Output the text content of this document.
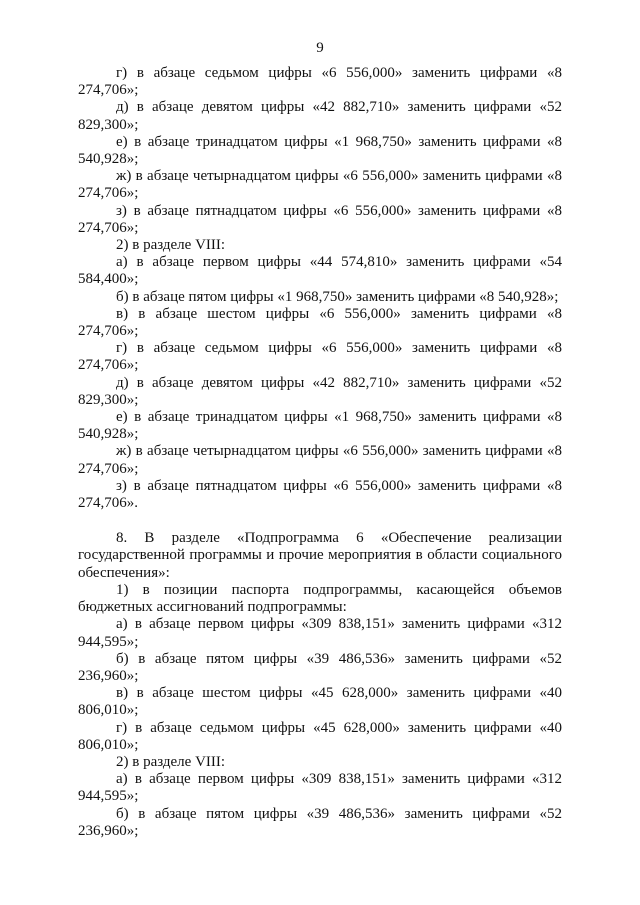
9
г) в абзаце седьмом цифры «6 556,000» заменить цифрами «8 274,706»;
д) в абзаце девятом цифры «42 882,710» заменить цифрами «52 829,300»;
е) в абзаце тринадцатом цифры «1 968,750» заменить цифрами «8 540,928»;
ж) в абзаце четырнадцатом цифры «6 556,000» заменить цифрами «8 274,706»;
з) в абзаце пятнадцатом цифры «6 556,000» заменить цифрами «8 274,706»;
2) в разделе VIII:
а) в абзаце первом цифры «44 574,810» заменить цифрами «54 584,400»;
б) в абзаце пятом цифры «1 968,750» заменить цифрами «8 540,928»;
в) в абзаце шестом цифры «6 556,000» заменить цифрами «8 274,706»;
г) в абзаце седьмом цифры «6 556,000» заменить цифрами «8 274,706»;
д) в абзаце девятом цифры «42 882,710» заменить цифрами «52 829,300»;
е) в абзаце тринадцатом цифры «1 968,750» заменить цифрами «8 540,928»;
ж) в абзаце четырнадцатом цифры «6 556,000» заменить цифрами «8 274,706»;
з) в абзаце пятнадцатом цифры «6 556,000» заменить цифрами «8 274,706».
8. В разделе «Подпрограмма 6 «Обеспечение реализации государственной программы и прочие мероприятия в области социального обеспечения»:
1) в позиции паспорта подпрограммы, касающейся объемов бюджетных ассигнований подпрограммы:
а) в абзаце первом цифры «309 838,151» заменить цифрами «312 944,595»;
б) в абзаце пятом цифры «39 486,536» заменить цифрами «52 236,960»;
в) в абзаце шестом цифры «45 628,000» заменить цифрами «40 806,010»;
г) в абзаце седьмом цифры «45 628,000» заменить цифрами «40 806,010»;
2) в разделе VIII:
а) в абзаце первом цифры «309 838,151» заменить цифрами «312 944,595»;
б) в абзаце пятом цифры «39 486,536» заменить цифрами «52 236,960»;
